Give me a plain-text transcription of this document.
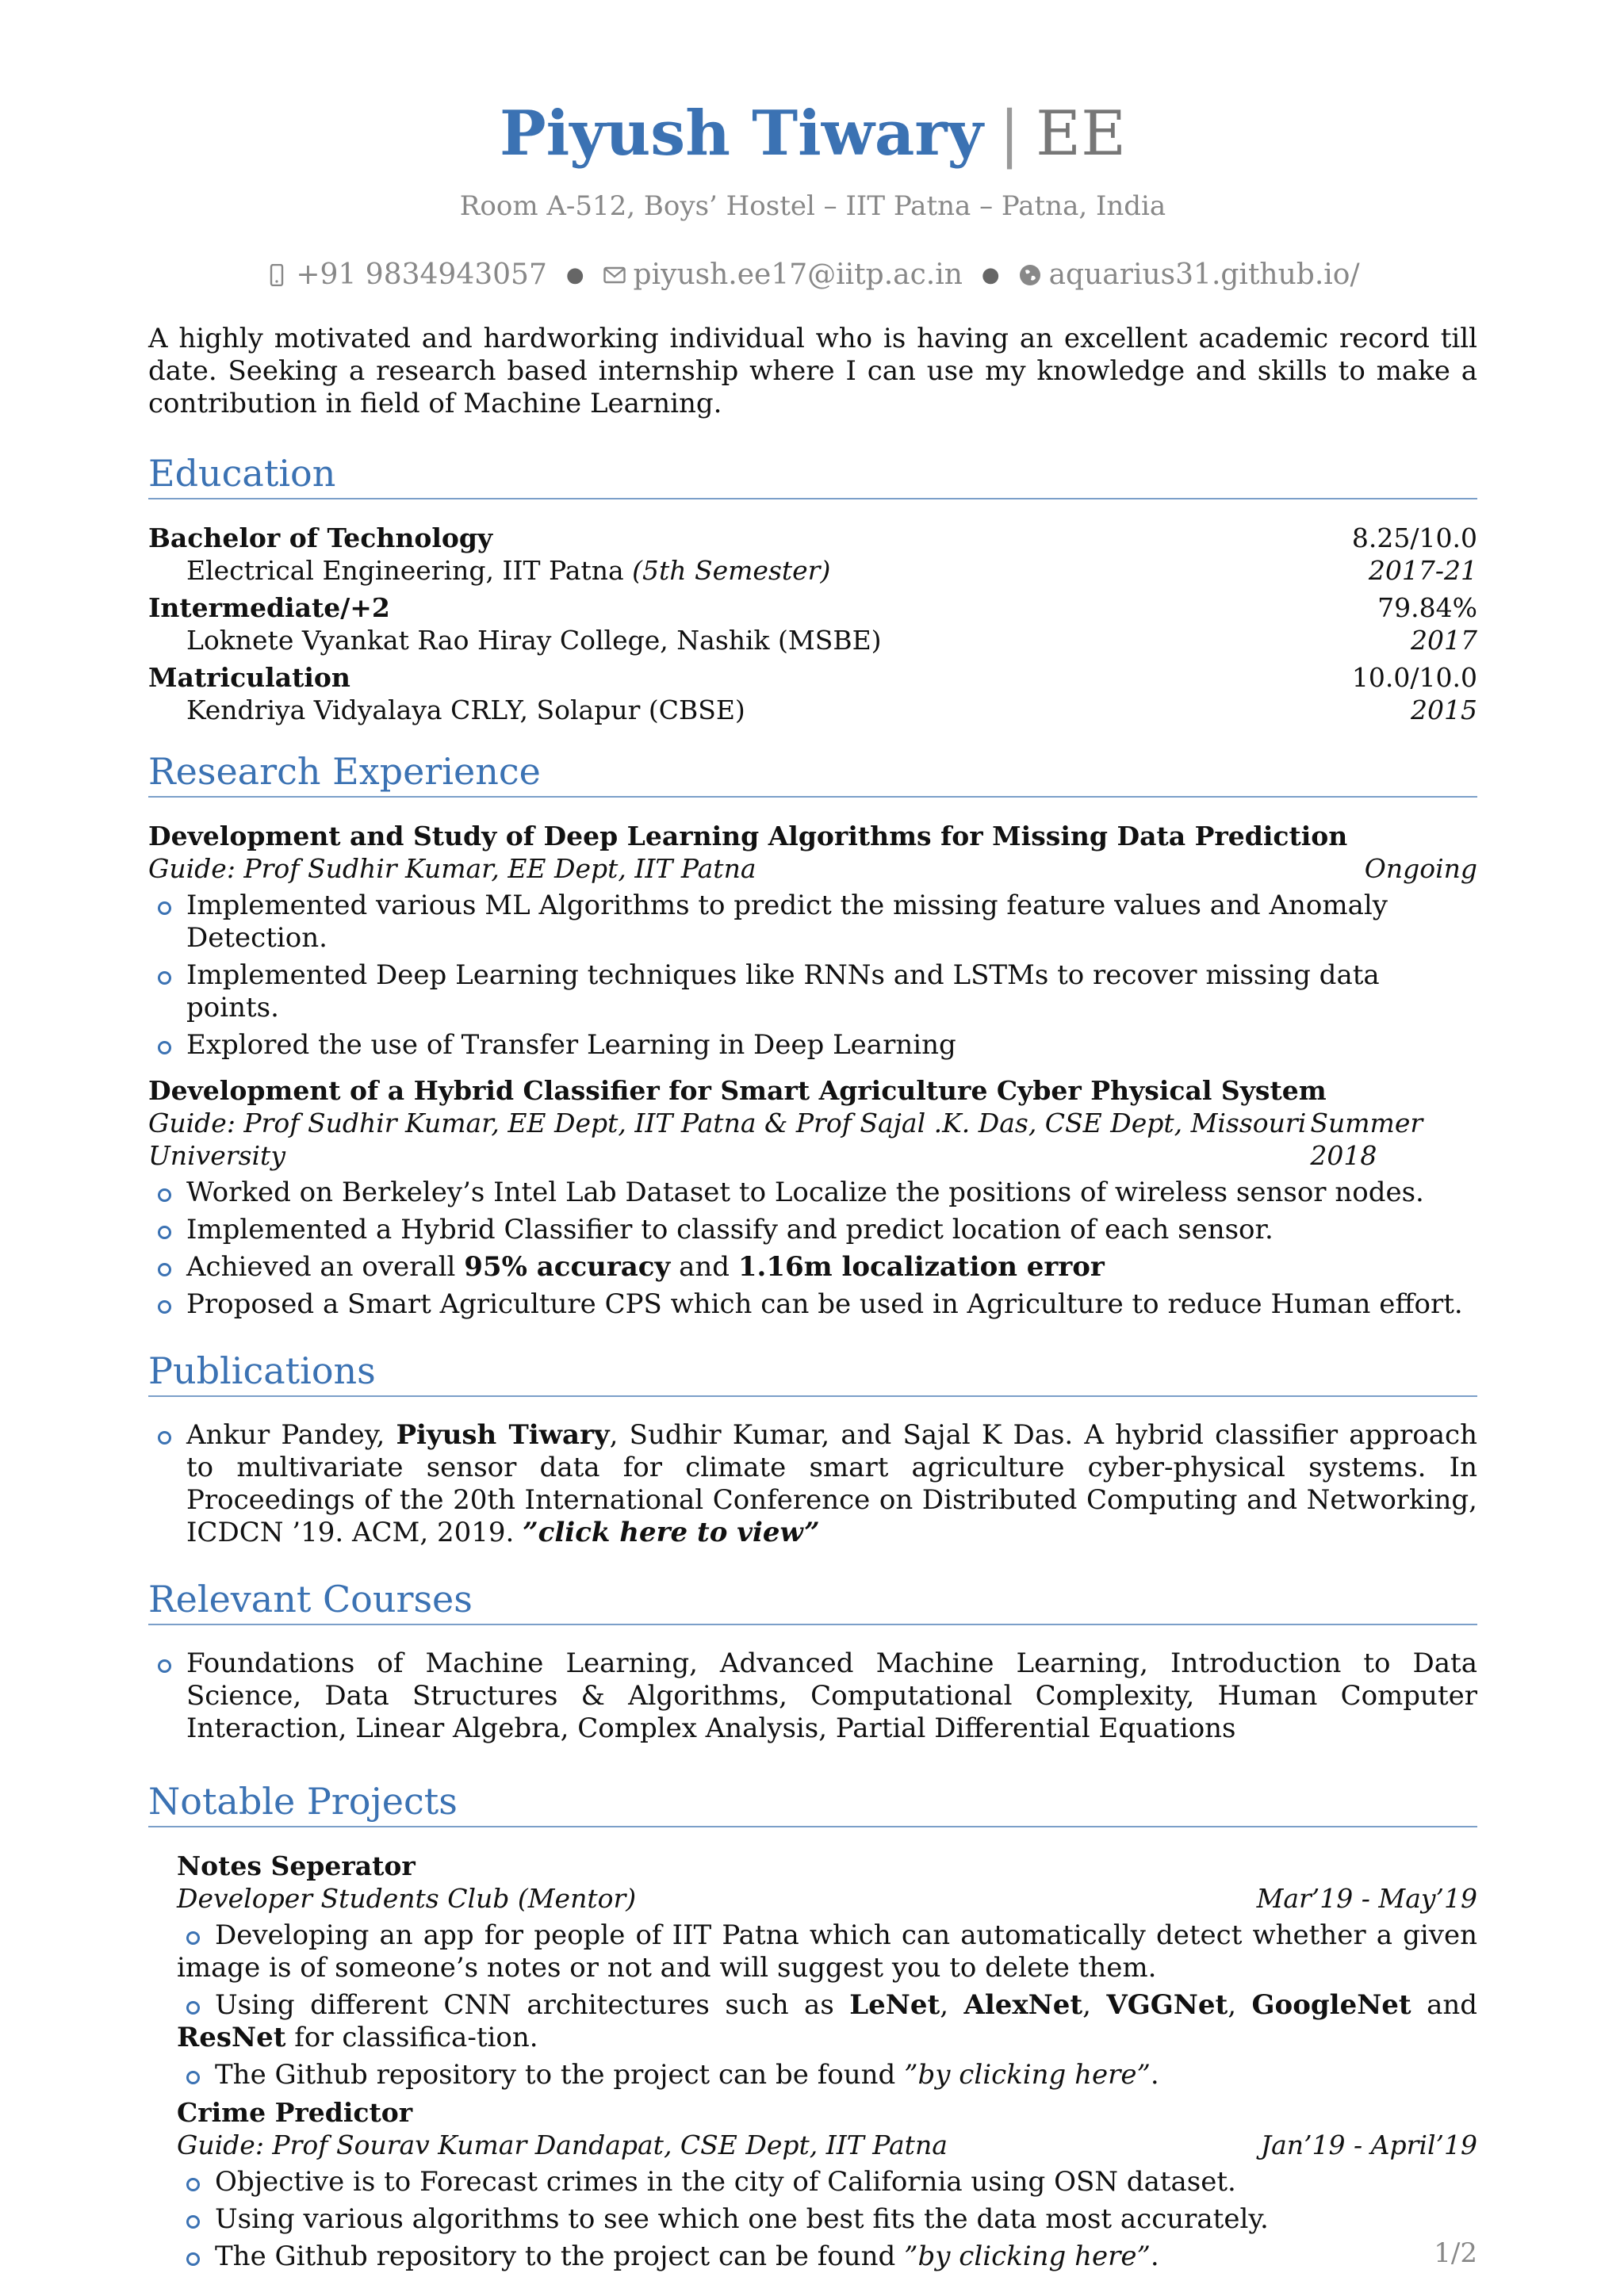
Piyush Tiwary | EE
Room A-512, Boys’ Hostel – IIT Patna – Patna, India
+91 9834943057 ●	piyush.ee17@iitp.ac.in ●	aquarius31.github.io/
A highly motivated and hardworking individual who is having an excellent academic record till date. Seeking a research based internship where I can use my knowledge and skills to make a contribution in field of Machine Learning.
Education
Bachelor of Technology	8.25/10.0
Electrical Engineering, IIT Patna (5th Semester)	2017-21
Intermediate/+2	79.84%
Loknete Vyankat Rao Hiray College, Nashik (MSBE)	2017
Matriculation	10.0/10.0
Kendriya Vidyalaya CRLY, Solapur (CBSE)	2015
Research Experience
Development and Study of Deep Learning Algorithms for Missing Data Prediction
Guide: Prof Sudhir Kumar, EE Dept, IIT Patna	Ongoing
Implemented various ML Algorithms to predict the missing feature values and Anomaly Detection.
Implemented Deep Learning techniques like RNNs and LSTMs to recover missing data points.
Explored the use of Transfer Learning in Deep Learning
Development of a Hybrid Classifier for Smart Agriculture Cyber Physical System
Guide: Prof Sudhir Kumar, EE Dept, IIT Patna & Prof Sajal .K. Das, CSE Dept, Missouri University
Summer 2018
Worked on Berkeley’s Intel Lab Dataset to Localize the positions of wireless sensor nodes.
Implemented a Hybrid Classifier to classify and predict location of each sensor.
Achieved an overall 95% accuracy and 1.16m localization error
Proposed a Smart Agriculture CPS which can be used in Agriculture to reduce Human effort.
Publications
Ankur Pandey, Piyush Tiwary, Sudhir Kumar, and Sajal K Das. A hybrid classifier approach to multivariate sensor data for climate smart agriculture cyber-physical systems. In Proceedings of the 20th International Conference on Distributed Computing and Networking, ICDCN ’19. ACM, 2019. ”click here to view”
Relevant Courses
Foundations of Machine Learning, Advanced Machine Learning, Introduction to Data Science, Data Structures & Algorithms, Computational Complexity, Human Computer Interaction, Linear Algebra, Complex Analysis, Partial Differential Equations
Notable Projects
Notes Seperator
Developer Students Club (Mentor)	Mar’19 - May’19
Developing an app for people of IIT Patna which can automatically detect whether a given image is of someone’s notes or not and will suggest you to delete them.
Using different CNN architectures such as LeNet, AlexNet, VGGNet, GoogleNet and ResNet for classifica-tion.
The Github repository to the project can be found ”by clicking here”.
Crime Predictor
Guide: Prof Sourav Kumar Dandapat, CSE Dept, IIT Patna	Jan’19 - April’19
Objective is to Forecast crimes in the city of California using OSN dataset.
Using various algorithms to see which one best fits the data most accurately.
The Github repository to the project can be found ”by clicking here”.	1/2
